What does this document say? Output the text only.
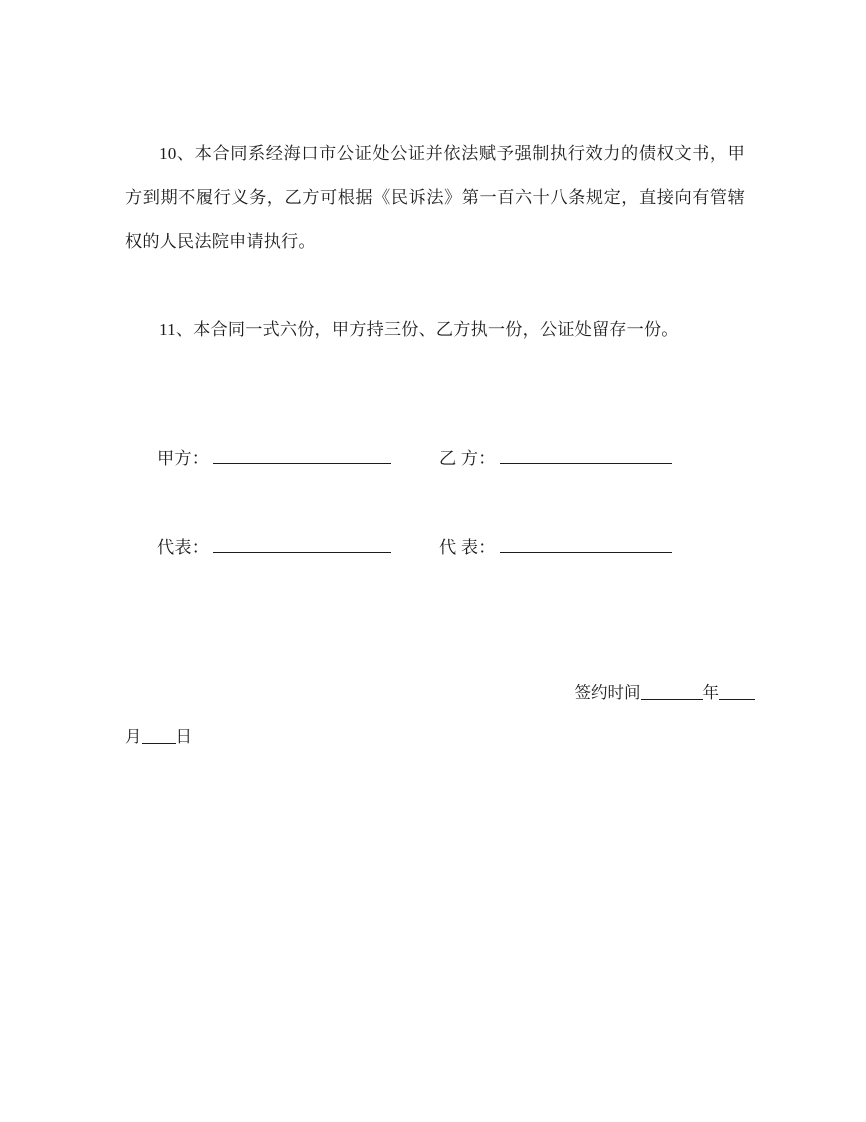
10、本合同系经海口市公证处公证并依法赋予强制执行效力的债权文书，甲方到期不履行义务，乙方可根据《民诉法》第一百六十八条规定，直接向有管辖权的人民法院申请执行。

11、本合同一式六份，甲方持三份、乙方执一份，公证处留存一份。

甲方：	乙 方：
代表：	代 表：
签约时间	年
月 日
